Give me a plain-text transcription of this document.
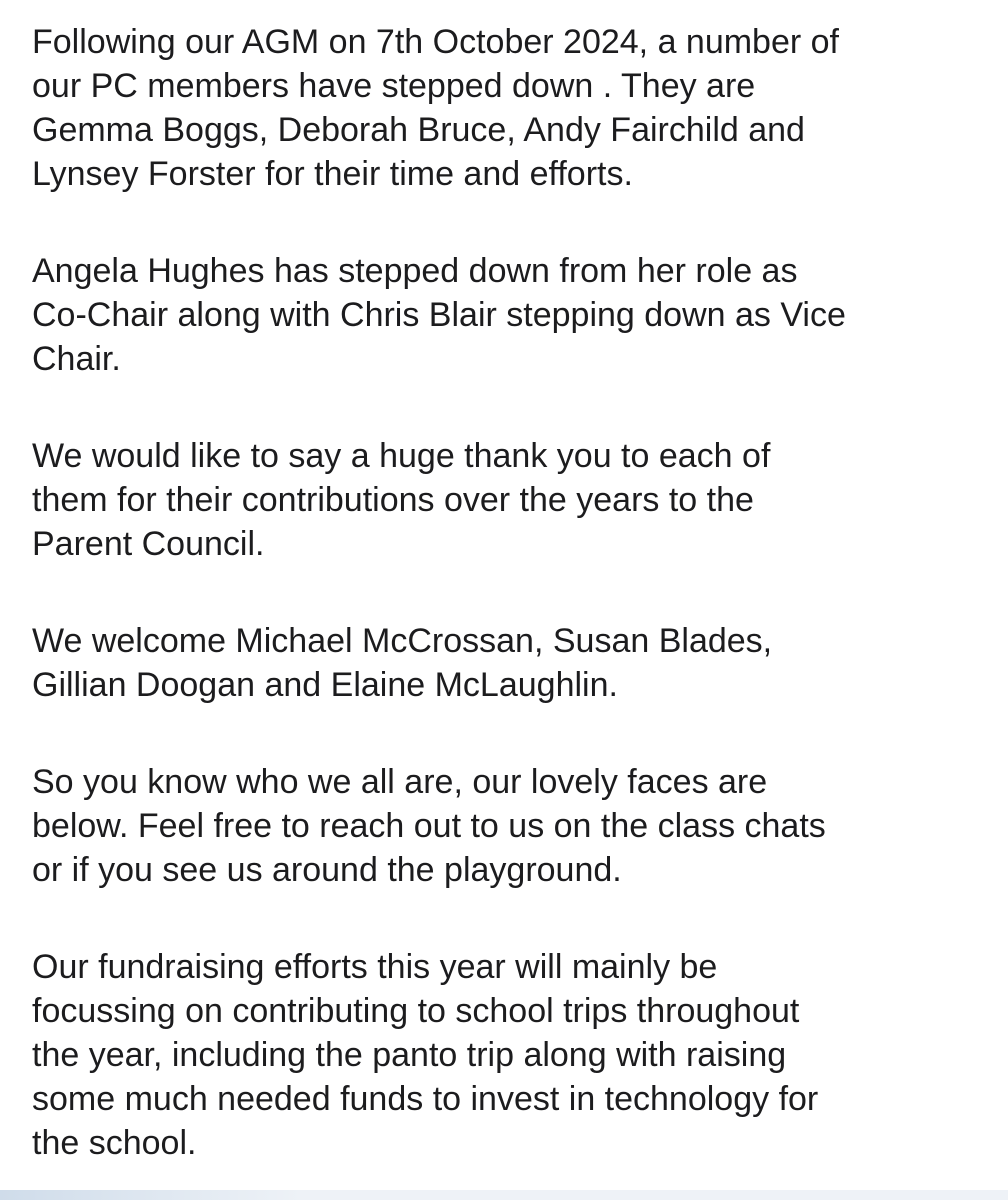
Following our AGM on 7th October 2024, a number of
our PC members have stepped down . They are
Gemma Boggs, Deborah Bruce, Andy Fairchild and
Lynsey Forster for their time and efforts.

Angela Hughes has stepped down from her role as
Co-Chair along with Chris Blair stepping down as Vice
Chair.

We would like to say a huge thank you to each of
them for their contributions over the years to the
Parent Council.

We welcome Michael McCrossan, Susan Blades,
Gillian Doogan and Elaine McLaughlin.

So you know who we all are, our lovely faces are
below. Feel free to reach out to us on the class chats
or if you see us around the playground.

Our fundraising efforts this year will mainly be
focussing on contributing to school trips throughout
the year, including the panto trip along with raising
some much needed funds to invest in technology for
the school.
